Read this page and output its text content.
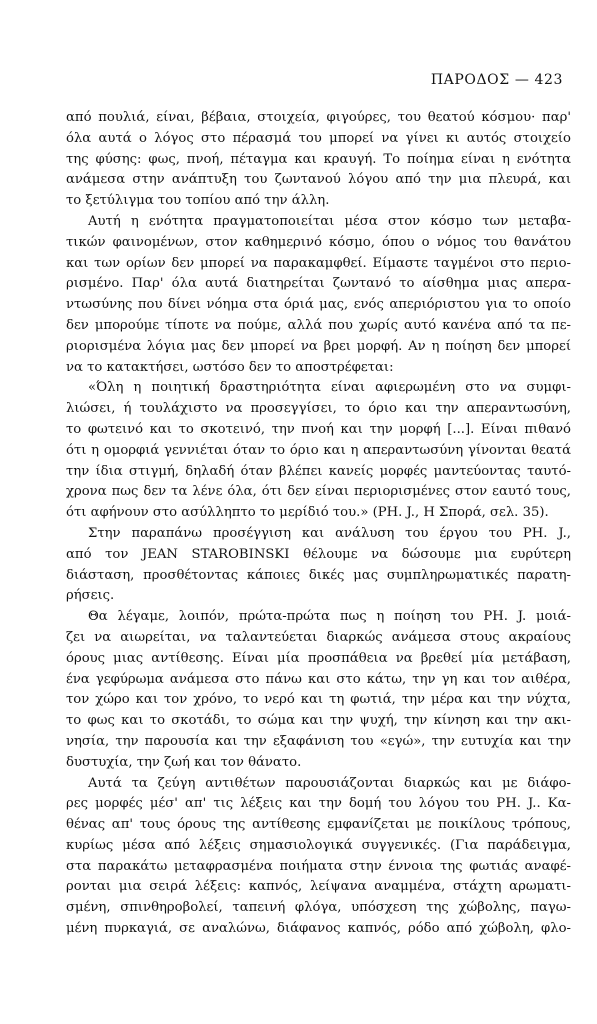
ΠΑΡΟΔΟΣ — 423
από πουλιά, είναι, βέβαια, στοιχεία, φιγούρες, του θεατού κόσμου· παρ'
όλα αυτά ο λόγος στο πέρασμά του μπορεί να γίνει κι αυτός στοιχείο
της φύσης: φως, πνοή, πέταγμα και κραυγή. Το ποίημα είναι η ενότητα
ανάμεσα στην ανάπτυξη του ζωντανού λόγου από την μια πλευρά, και
το ξετύλιγμα του τοπίου από την άλλη.
Αυτή η ενότητα πραγματοποιείται μέσα στον κόσμο των μεταβα-
τικών φαινομένων, στον καθημερινό κόσμο, όπου ο νόμος του θανάτου
και των ορίων δεν μπορεί να παρακαμφθεί. Είμαστε ταγμένοι στο περιο-
ρισμένο. Παρ' όλα αυτά διατηρείται ζωντανό το αίσθημα μιας απερα-
ντωσύνης που δίνει νόημα στα όριά μας, ενός απεριόριστου για το οποίο
δεν μπορούμε τίποτε να πούμε, αλλά που χωρίς αυτό κανένα από τα πε-
ριορισμένα λόγια μας δεν μπορεί να βρει μορφή. Αν η ποίηση δεν μπορεί
να το κατακτήσει, ωστόσο δεν το αποστρέφεται:
«Όλη η ποιητική δραστηριότητα είναι αφιερωμένη στο να συμφι-
λιώσει, ή τουλάχιστο να προσεγγίσει, το όριο και την απεραντωσύνη,
το φωτεινό και το σκοτεινό, την πνοή και την μορφή [...]. Είναι πιθανό
ότι η ομορφιά γεννιέται όταν το όριο και η απεραντωσύνη γίνονται θεατά
την ίδια στιγμή, δηλαδή όταν βλέπει κανείς μορφές μαντεύοντας ταυτό-
χρονα πως δεν τα λένε όλα, ότι δεν είναι περιορισμένες στον εαυτό τους,
ότι αφήνουν στο ασύλληπτο το μερίδιό του.» (PH. J., Η Σπορά, σελ. 35).
Στην παραπάνω προσέγγιση και ανάλυση του έργου του PH. J.,
από τον JEAN STAROBINSKI θέλουμε να δώσουμε μια ευρύτερη
διάσταση, προσθέτοντας κάποιες δικές μας συμπληρωματικές παρατη-
ρήσεις.
Θα λέγαμε, λοιπόν, πρώτα-πρώτα πως η ποίηση του PH. J. μοιά-
ζει να αιωρείται, να ταλαντεύεται διαρκώς ανάμεσα στους ακραίους
όρους μιας αντίθεσης. Είναι μία προσπάθεια να βρεθεί μία μετάβαση,
ένα γεφύρωμα ανάμεσα στο πάνω και στο κάτω, την γη και τον αιθέρα,
τον χώρο και τον χρόνο, το νερό και τη φωτιά, την μέρα και την νύχτα,
το φως και το σκοτάδι, το σώμα και την ψυχή, την κίνηση και την ακι-
νησία, την παρουσία και την εξαφάνιση του «εγώ», την ευτυχία και την
δυστυχία, την ζωή και τον θάνατο.
Αυτά τα ζεύγη αντιθέτων παρουσιάζονται διαρκώς και με διάφο-
ρες μορφές μέσ' απ' τις λέξεις και την δομή του λόγου του PH. J.. Κα-
θένας απ' τους όρους της αντίθεσης εμφανίζεται με ποικίλους τρόπους,
κυρίως μέσα από λέξεις σημασιολογικά συγγενικές. (Για παράδειγμα,
στα παρακάτω μεταφρασμένα ποιήματα στην έννοια της φωτιάς αναφέ-
ρονται μια σειρά λέξεις: καπνός, λείψανα αναμμένα, στάχτη αρωματι-
σμένη, σπινθηροβολεί, ταπεινή φλόγα, υπόσχεση της χώβολης, παγω-
μένη πυρκαγιά, σε αναλώνω, διάφανος καπνός, ρόδο από χώβολη, φλο-
